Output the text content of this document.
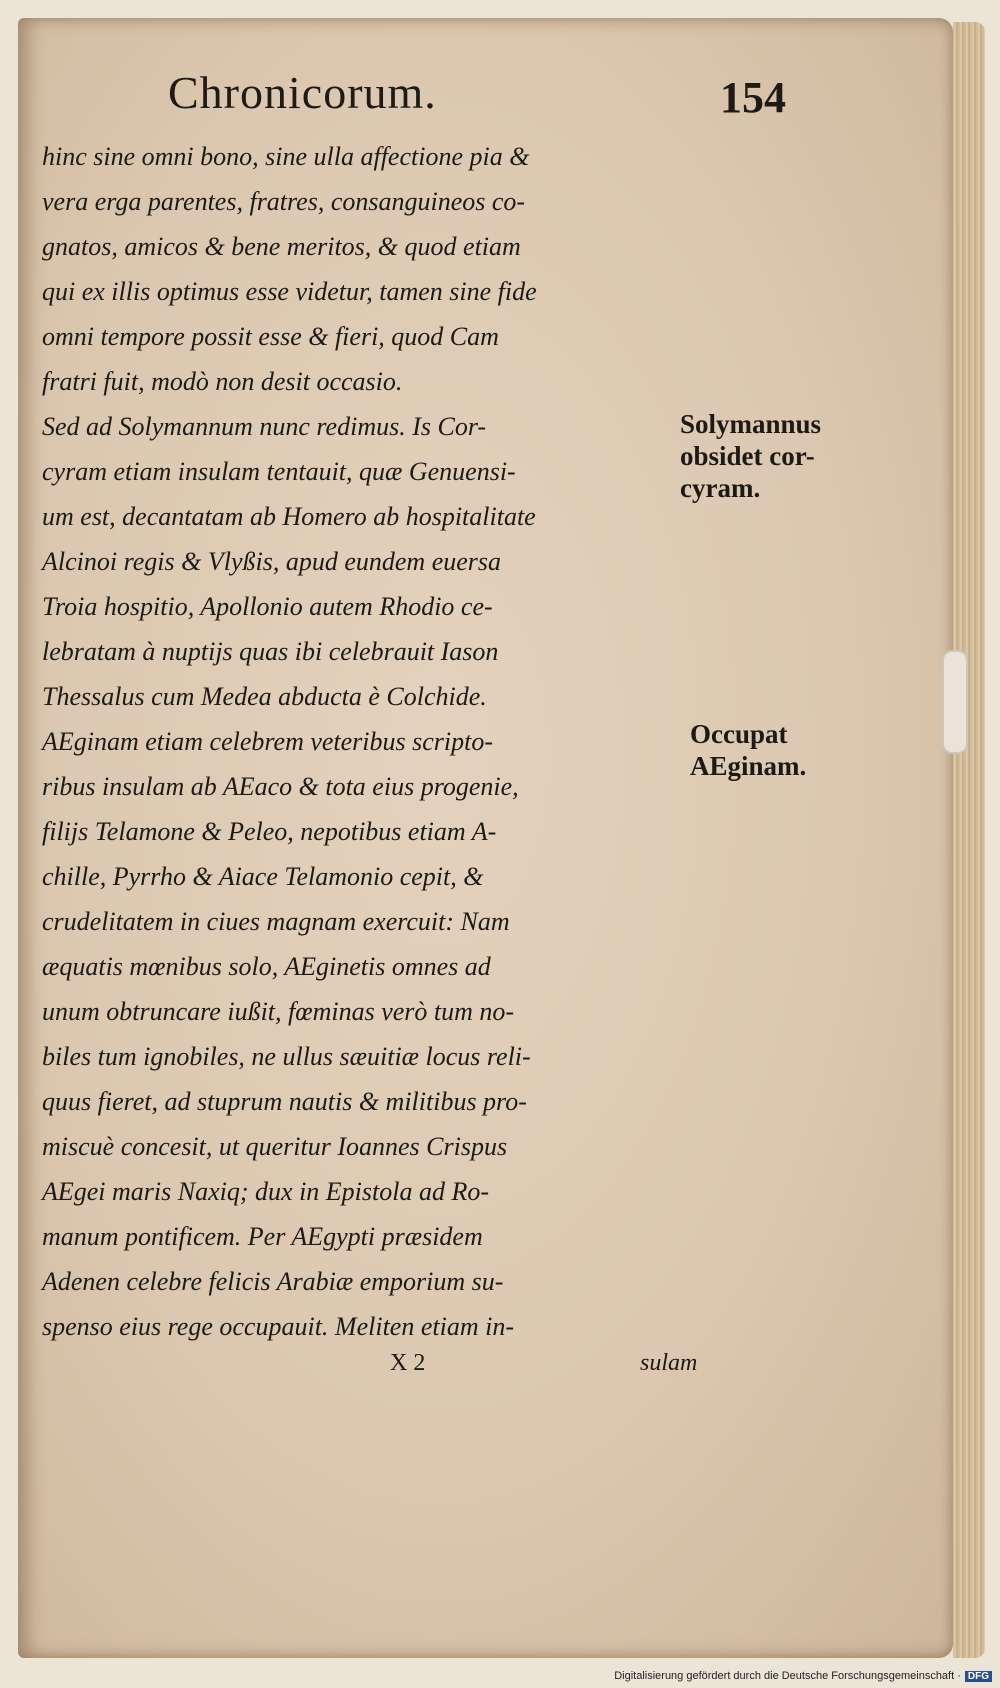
Chronicorum.	154
hinc sine omni bono, sine ulla affectione pia &
vera erga parentes, fratres, consanguineos co-
gnatos, amicos & bene meritos, & quod etiam
qui ex illis optimus esse videtur, tamen sine fide
omni tempore possit esse & fieri, quod Cam
fratri fuit, modò non desit occasio.
Sed ad Solymannum nunc redimus. Is Cor-
cyram etiam insulam tentauit, quæ Genuensi-
um est, decantatam ab Homero ab hospitalitate
Alcinoi regis & Vlyßis, apud eundem euersa
Troia hospitio, Apollonio autem Rhodio ce-
lebratam à nuptijs quas ibi celebrauit Iason
Thessalus cum Medea abducta è Colchide.
AEginam etiam celebrem veteribus scripto-
ribus insulam ab AEaco & tota eius progenie,
filijs Telamone & Peleo, nepotibus etiam A-
chille, Pyrrho & Aiace Telamonio cepit, &
crudelitatem in ciues magnam exercuit: Nam
æquatis mœnibus solo, AEginetis omnes ad
unum obtruncare iußit, fœminas verò tum no-
biles tum ignobiles, ne ullus sæuitiæ locus reli-
quus fieret, ad stuprum nautis & militibus pro-
miscuè concesit, ut queritur Ioannes Crispus
AEgei maris Naxiq; dux in Epistola ad Ro-
manum pontificem. Per AEgypti præsidem
Adenen celebre felicis Arabiæ emporium su-
spenso eius rege occupauit. Meliten etiam in-
Solymannus
obsidet cor-
cyram.
Occupat
AEginam.
X 2	sulam
Digitalisierung gefördert durch die Deutsche Forschungsgemeinschaft · DFG
